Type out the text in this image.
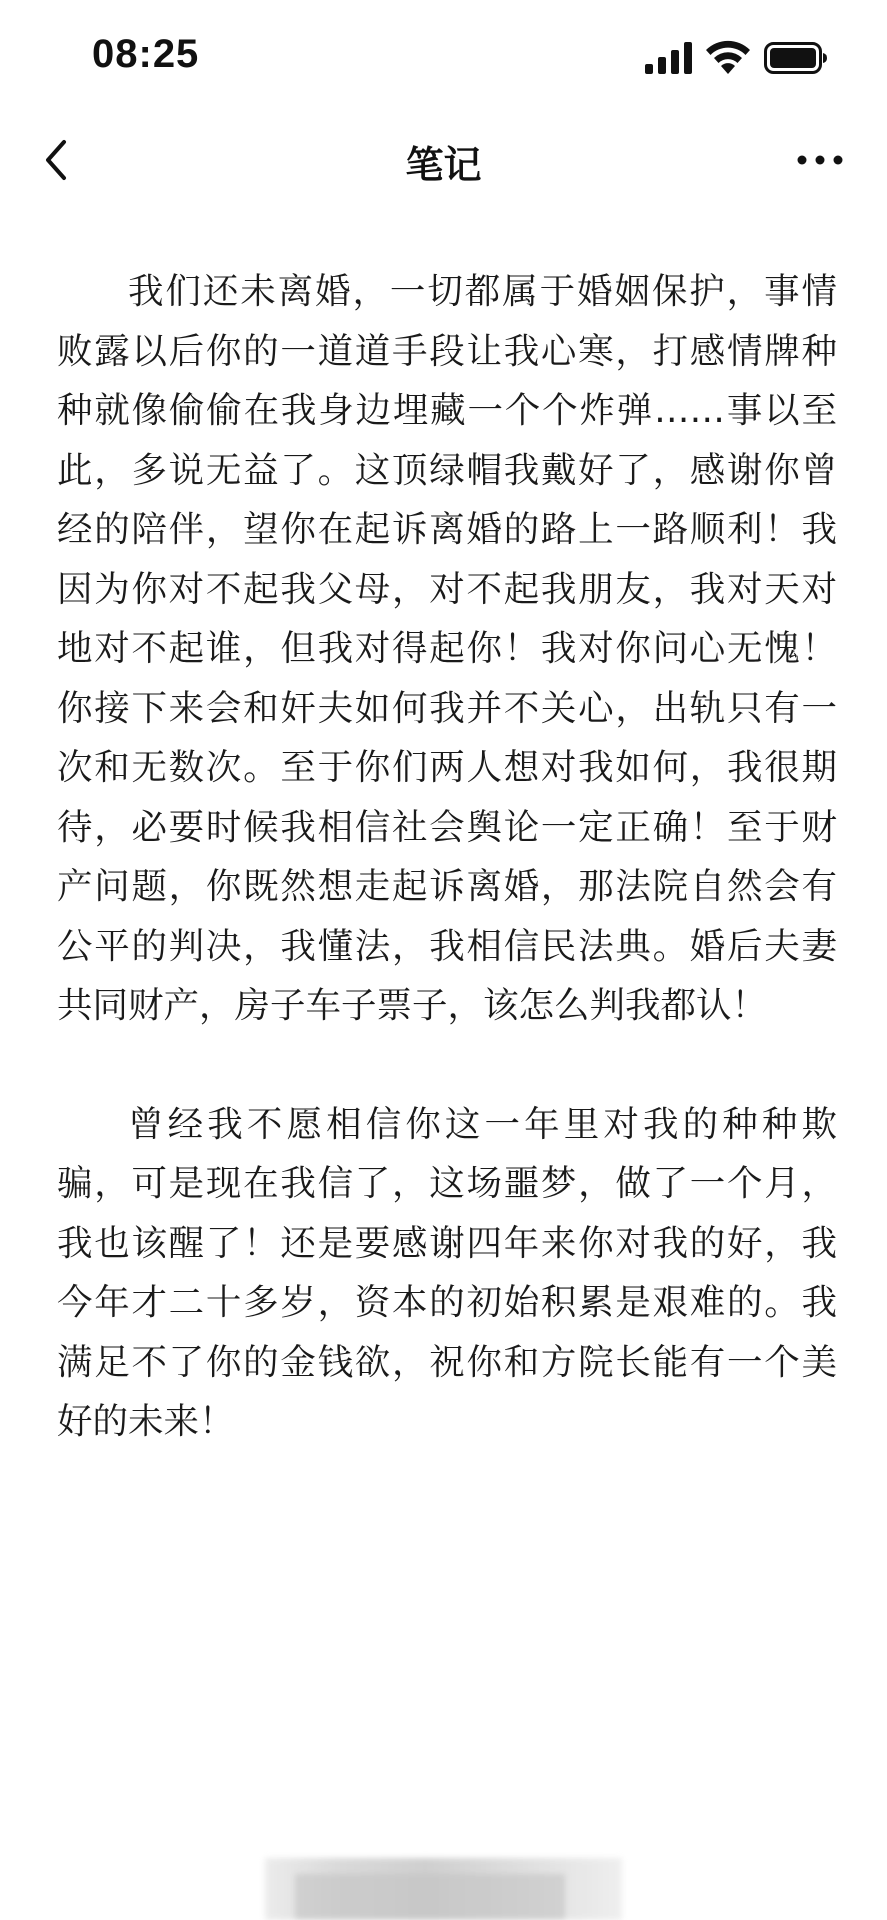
08:25
笔记

我们还未离婚，一切都属于婚姻保护，事情败露以后你的一道道手段让我心寒，打感情牌种种就像偷偷在我身边埋藏一个个炸弹……事以至此，多说无益了。这顶绿帽我戴好了，感谢你曾经的陪伴，望你在起诉离婚的路上一路顺利！我因为你对不起我父母，对不起我朋友，我对天对地对不起谁，但我对得起你！我对你问心无愧！你接下来会和奸夫如何我并不关心，出轨只有一次和无数次。至于你们两人想对我如何，我很期待，必要时候我相信社会舆论一定正确！至于财产问题，你既然想走起诉离婚，那法院自然会有公平的判决，我懂法，我相信民法典。婚后夫妻共同财产，房子车子票子，该怎么判我都认！

曾经我不愿相信你这一年里对我的种种欺骗，可是现在我信了，这场噩梦，做了一个月，我也该醒了！还是要感谢四年来你对我的好，我今年才二十多岁，资本的初始积累是艰难的。我满足不了你的金钱欲，祝你和方院长能有一个美好的未来！
